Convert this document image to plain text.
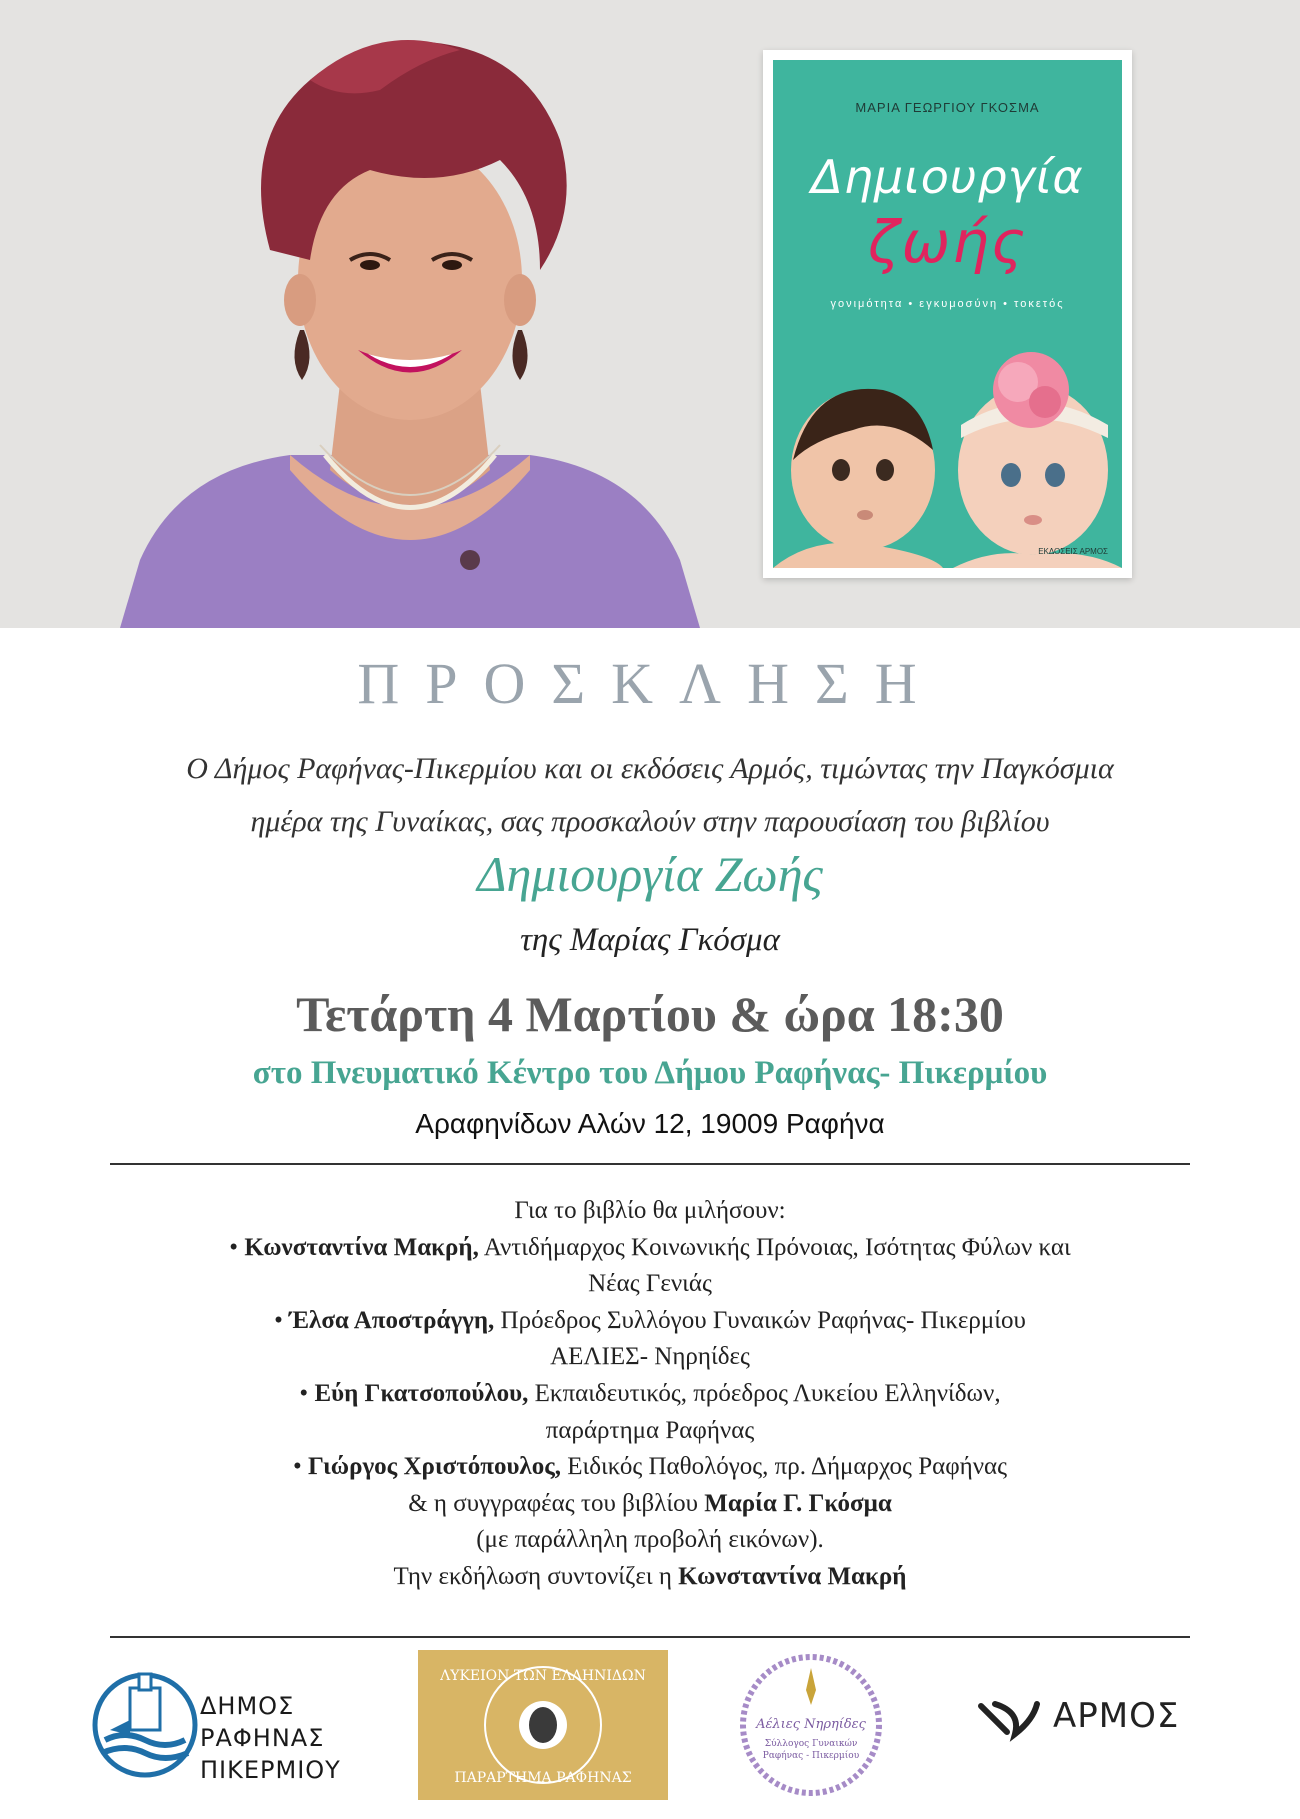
ΜΑΡΙΑ ΓΕΩΡΓΙΟΥ ΓΚΟΣΜΑ
Δημιουργία
ζωής
γονιμότητα • εγκυμοσύνη • τοκετός
ΕΚΔΟΣΕΙΣ ΑΡΜΟΣ
ΠΡΟΣΚΛΗΣΗ
Ο Δήμος Ραφήνας-Πικερμίου και οι εκδόσεις Αρμός, τιμώντας την Παγκόσμια
ημέρα της Γυναίκας, σας προσκαλούν στην παρουσίαση του βιβλίου
Δημιουργία Ζωής
της Μαρίας Γκόσμα
Τετάρτη 4 Μαρτίου & ώρα 18:30
στο Πνευματικό Κέντρο του Δήμου Ραφήνας- Πικερμίου
Αραφηνίδων Αλών 12, 19009 Ραφήνα
Για το βιβλίο θα μιλήσουν:
• Κωνσταντίνα Μακρή, Αντιδήμαρχος Κοινωνικής Πρόνοιας, Ισότητας Φύλων και
Νέας Γενιάς
• Έλσα Αποστράγγη, Πρόεδρος Συλλόγου Γυναικών Ραφήνας- Πικερμίου
ΑΕΛΙΕΣ- Νηρηίδες
• Εύη Γκατσοπούλου, Εκπαιδευτικός, πρόεδρος Λυκείου Ελληνίδων,
παράρτημα Ραφήνας
• Γιώργος Χριστόπουλος, Ειδικός Παθολόγος, πρ. Δήμαρχος Ραφήνας
& η συγγραφέας του βιβλίου Μαρία Γ. Γκόσμα
(με παράλληλη προβολή εικόνων).
Την εκδήλωση συντονίζει η Κωνσταντίνα Μακρή
ΔΗΜΟΣ
ΡΑΦΗΝΑΣ
ΠΙΚΕΡΜΙΟΥ
ΛΥΚΕΙΟΝ ΤΩΝ ΕΛΛΗΝΙΔΩΝ
ΠΑΡΑΡΤΗΜΑ ΡΑΦΗΝΑΣ
Αέλιες Νηρηίδες
Σύλλογος Γυναικών
Ραφήνας - Πικερμίου
ΑΡΜΟΣ
